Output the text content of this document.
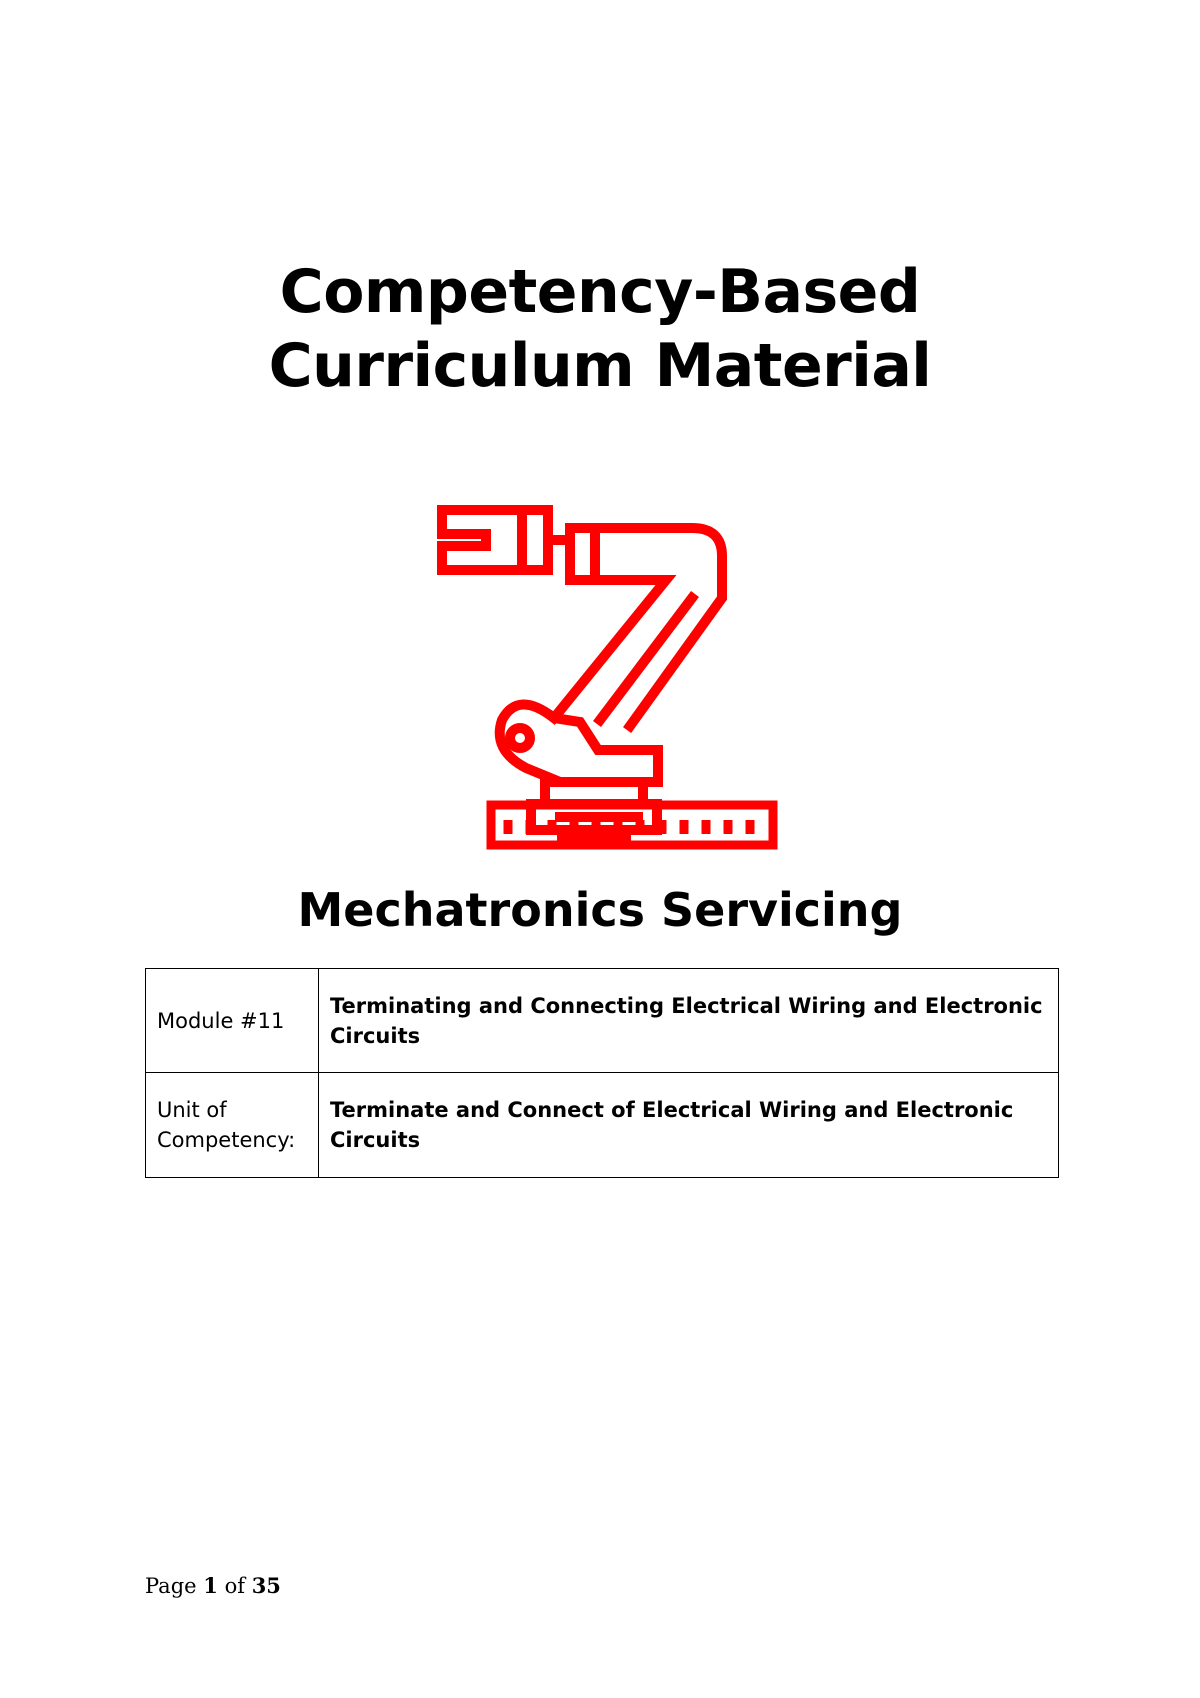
Competency-Based

Curriculum Material

Mechatronics Servicing

Module #11	Terminating and Connecting Electrical Wiring and Electronic Circuits
Unit of Competency:	Terminate and Connect of Electrical Wiring and Electronic Circuits
Page 1 of 35
